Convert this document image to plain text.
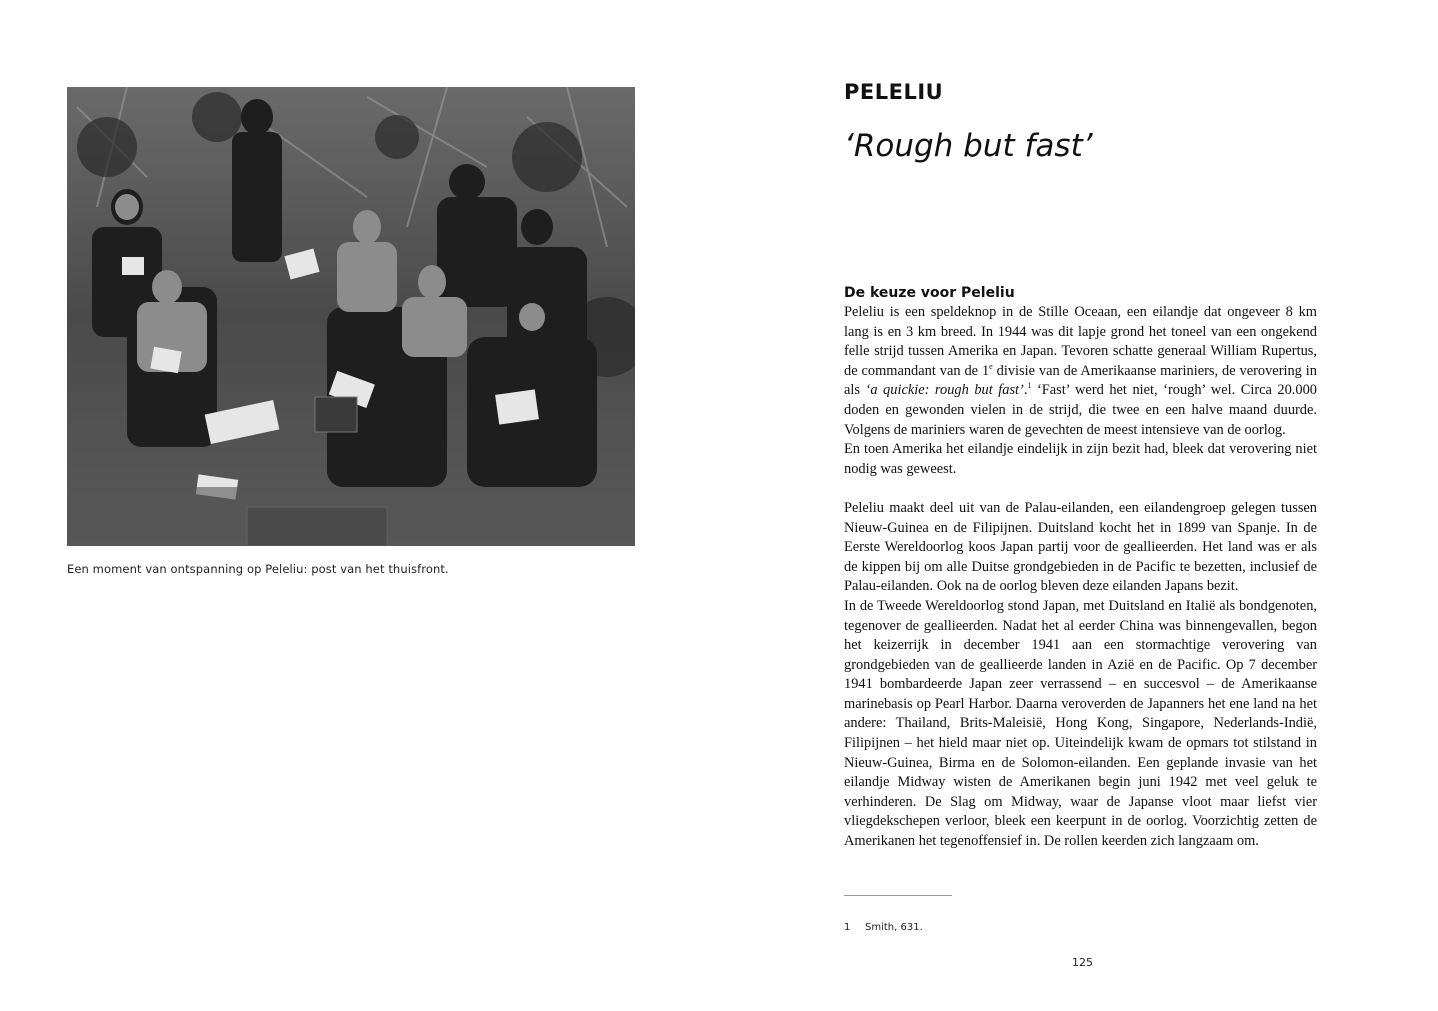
Een moment van ontspanning op Peleliu: post van het thuisfront.
PELELIU
‘Rough but fast’
De keuze voor Peleliu

Peleliu is een speldeknop in de Stille Oceaan, een eilandje dat ongeveer 8 km lang is en 3 km breed. In 1944 was dit lapje grond het toneel van een ongekend felle strijd tussen Amerika en Japan. Tevoren schatte generaal William Rupertus, de commandant van de 1e divisie van de Amerikaanse mariniers, de verovering in als ‘a quickie: rough but fast’.$^1$ ‘Fast’ werd het niet, ‘rough’ wel. Circa 20.000 doden en gewonden vielen in de strijd, die twee en een halve maand duurde. Volgens de mariniers waren de gevechten de meest intensieve van de oorlog.

En toen Amerika het eilandje eindelijk in zijn bezit had, bleek dat verovering niet nodig was geweest.

Peleliu maakt deel uit van de Palau-eilanden, een eilandengroep gelegen tussen Nieuw-Guinea en de Filipijnen. Duitsland kocht het in 1899 van Spanje. In de Eerste Wereldoorlog koos Japan partij voor de geallieerden. Het land was er als de kippen bij om alle Duitse grondgebieden in de Pacific te bezetten, inclusief de Palau-eilanden. Ook na de oorlog bleven deze eilanden Japans bezit.

In de Tweede Wereldoorlog stond Japan, met Duitsland en Italië als bondgenoten, tegenover de geallieerden. Nadat het al eerder China was binnengevallen, begon het keizerrijk in december 1941 aan een stormachtige verovering van grondgebieden van de geallieerde landen in Azië en de Pacific. Op 7 december 1941 bombardeerde Japan zeer verrassend – en succesvol – de Amerikaanse marinebasis op Pearl Harbor. Daarna veroverden de Japanners het ene land na het andere: Thailand, Brits-Maleisië, Hong Kong, Singapore, Nederlands-Indië, Filipijnen – het hield maar niet op. Uiteindelijk kwam de opmars tot stilstand in Nieuw-Guinea, Birma en de Solomon-eilanden. Een geplande invasie van het eilandje Midway wisten de Amerikanen begin juni 1942 met veel geluk te verhinderen. De Slag om Midway, waar de Japanse vloot maar liefst vier vliegdekschepen verloor, bleek een keerpunt in de oorlog. Voorzichtig zetten de Amerikanen het tegenoffensief in. De rollen keerden zich langzaam om.

1 Smith, 631.
125
